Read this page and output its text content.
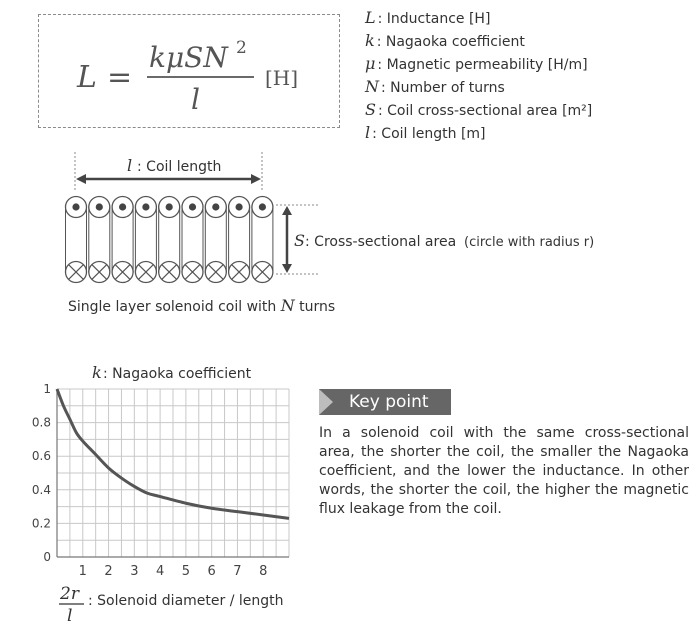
L =
kμSN 2
l
[H]
L : Inductance [H]
k : Nagaoka coefficient
μ : Magnetic permeability [H/m]
N : Number of turns
S : Coil cross-sectional area [m²]
l : Coil length [m]
l : Coil length
S : Cross-sectional area (circle with radius r)
Single layer solenoid coil with N turns
k : Nagaoka coefficient
1 2 3 4 5 6 7 8
0
0.2
0.4
0.6
0.8
1
2r
l
: Solenoid diameter / length
Key point
In a solenoid coil with the same cross-sectional area, the shorter the coil, the smaller the Nagaoka coefficient, and the lower the inductance. In other words, the shorter the coil, the higher the magnetic flux leakage from the coil.
